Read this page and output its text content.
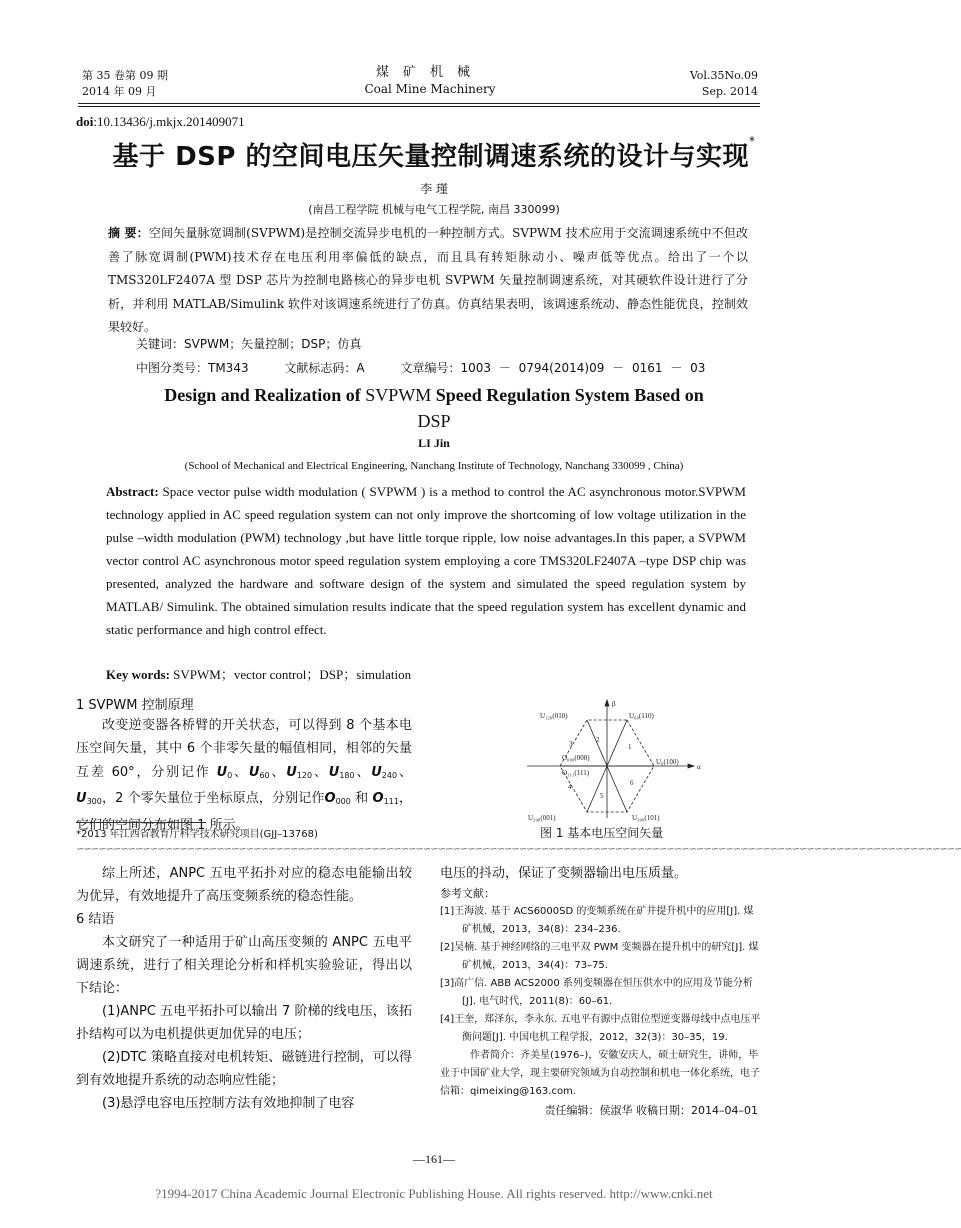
第 35 卷第 09 期
2014 年 09 月
煤矿机械
Coal Mine Machinery
Vol.35No.09
Sep. 2014
doi:10.13436/j.mkjx.201409071
基于 DSP 的空间电压矢量控制调速系统的设计与实现*
李 瑾
(南昌工程学院 机械与电气工程学院, 南昌 330099)
摘 要：空间矢量脉宽调制(SVPWM)是控制交流异步电机的一种控制方式。SVPWM 技术应用于交流调速系统中不但改善了脉宽调制(PWM)技术存在电压利用率偏低的缺点，而且具有转矩脉动小、噪声低等优点。给出了一个以 TMS320LF2407A 型 DSP 芯片为控制电路核心的异步电机 SVPWM 矢量控制调速系统，对其硬软件设计进行了分析，并利用 MATLAB/Simulink 软件对该调速系统进行了仿真。仿真结果表明，该调速系统动、静态性能优良，控制效果较好。
关键词：SVPWM；矢量控制；DSP；仿真
中图分类号：TM343	文献标志码：A	文章编号：1003 － 0794(2014)09 － 0161 － 03
Design and Realization of SVPWM Speed Regulation System Based on
DSP
LI Jin
(School of Mechanical and Electrical Engineering, Nanchang Institute of Technology, Nanchang 330099 , China)
Abstract: Space vector pulse width modulation ( SVPWM ) is a method to control the AC asynchronous motor.SVPWM technology applied in AC speed regulation system can not only improve the shortcoming of low voltage utilization in the pulse –width modulation (PWM) technology ,but have little torque ripple, low noise advantages.In this paper, a SVPWM vector control AC asynchronous motor speed regulation system employing a core TMS320LF2407A –type DSP chip was presented, analyzed the hardware and software design of the system and simulated the speed regulation system by MATLAB/ Simulink. The obtained simulation results indicate that the speed regulation system has excellent dynamic and static performance and high control effect.
Key words: SVPWM；vector control；DSP；simulation
1 SVPWM 控制原理

改变逆变器各桥臂的开关状态，可以得到 8 个基本电压空间矢量，其中 6 个非零矢量的幅值相同，相邻的矢量互差 60°，分别记作 $U_0$、$U_{60}$、$U_{120}$、$U_{180}$、$U_{240}$、$U_{300}$，2 个零矢量位于坐标原点，分别记作$O_{000}$ 和 $O_{111}$，它们的空间分布如图 1 所示。

*2013 年江西省教育厅科学技术研究项目(GJJ–13768)
β
α
U₁₂₀(010)	U₆₀(110)
U₀(100)
O₀₀₀(000)
O₁₁₁(111)
U₂₄₀(001)	U₃₀₀(101)
1
2
3
4
5
6
图 1 基本电压空间矢量
∽∽∽∽∽∽∽∽∽∽∽∽∽∽∽∽∽∽∽∽∽∽∽∽∽∽∽∽∽∽∽∽∽∽∽∽∽∽∽∽∽∽∽∽∽∽∽∽∽∽∽∽∽∽∽∽∽∽∽∽∽∽∽∽∽∽∽∽∽∽∽∽∽∽∽∽∽∽∽∽∽∽∽∽∽∽∽∽∽∽∽∽∽∽∽∽∽∽∽∽∽∽∽∽∽∽∽∽∽∽∽∽∽∽∽∽∽∽∽∽

综上所述，ANPC 五电平拓扑对应的稳态电能输出较为优异，有效地提升了高压变频系统的稳态性能。

6 结语

本文研究了一种适用于矿山高压变频的 ANPC 五电平调速系统，进行了相关理论分析和样机实验验证，得出以下结论：

(1)ANPC 五电平拓扑可以输出 7 阶梯的线电压，该拓扑结构可以为电机提供更加优异的电压；

(2)DTC 策略直接对电机转矩、磁链进行控制，可以得到有效地提升系统的动态响应性能；

(3)悬浮电容电压控制方法有效地抑制了电容

电压的抖动，保证了变频器输出电压质量。

参考文献：

[1]王海波. 基于 ACS6000SD 的变频系统在矿井提升机中的应用[J]. 煤矿机械，2013，34(8)：234–236.

[2]吴楠. 基于神经网络的三电平双 PWM 变频器在提升机中的研究[J]. 煤矿机械，2013，34(4)：73–75.

[3]高广信. ABB ACS2000 系列变频器在恒压供水中的应用及节能分析[J]. 电气时代，2011(8)：60–61.

[4]王奎，郑泽东，李永东. 五电平有源中点钳位型逆变器母线中点电压平衡问题[J]. 中国电机工程学报，2012，32(3)：30–35，19.

作者简介：齐美星(1976–)，安徽安庆人，硕士研究生，讲师，毕业于中国矿业大学，现主要研究领域为自动控制和机电一体化系统，电子信箱：qimeixing@163.com.

责任编辑：侯淑华 收稿日期：2014–04–01

—161—
?1994-2017 China Academic Journal Electronic Publishing House. All rights reserved. http://www.cnki.net
